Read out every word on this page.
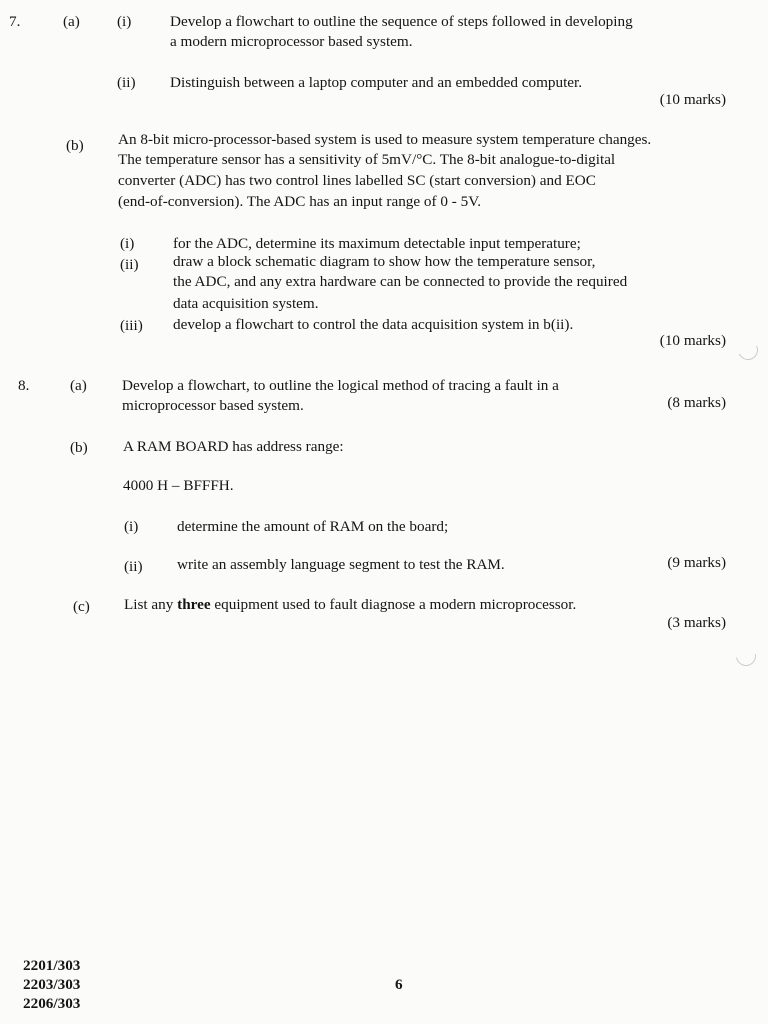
7.	(a) (i)	Develop a flowchart to outline the sequence of steps followed in developing
a modern microprocessor based system.
(ii) Distinguish between a laptop computer and an embedded computer.
(10 marks)
(b) An 8-bit micro-processor-based system is used to measure system temperature changes.
The temperature sensor has a sensitivity of 5mV/°C. The 8-bit analogue-to-digital
converter (ADC) has two control lines labelled SC (start conversion) and EOC
(end-of-conversion). The ADC has an input range of 0 - 5V.
(i)	for the ADC, determine its maximum detectable input temperature;
(ii) draw a block schematic diagram to show how the temperature sensor,
the ADC, and any extra hardware can be connected to provide the required
data acquisition system.
(iii) develop a flowchart to control the data acquisition system in b(ii).
(10 marks)
8.	(a) Develop a flowchart, to outline the logical method of tracing a fault in a
microprocessor based system.	(8 marks)
(b) A RAM BOARD has address range:
4000 H – BFFFH.
(i)	determine the amount of RAM on the board;
(ii) write an assembly language segment to test the RAM.	(9 marks)
(c) List any three equipment used to fault diagnose a modern microprocessor.
(3 marks)
2201/303
2203/303
2206/303
6
